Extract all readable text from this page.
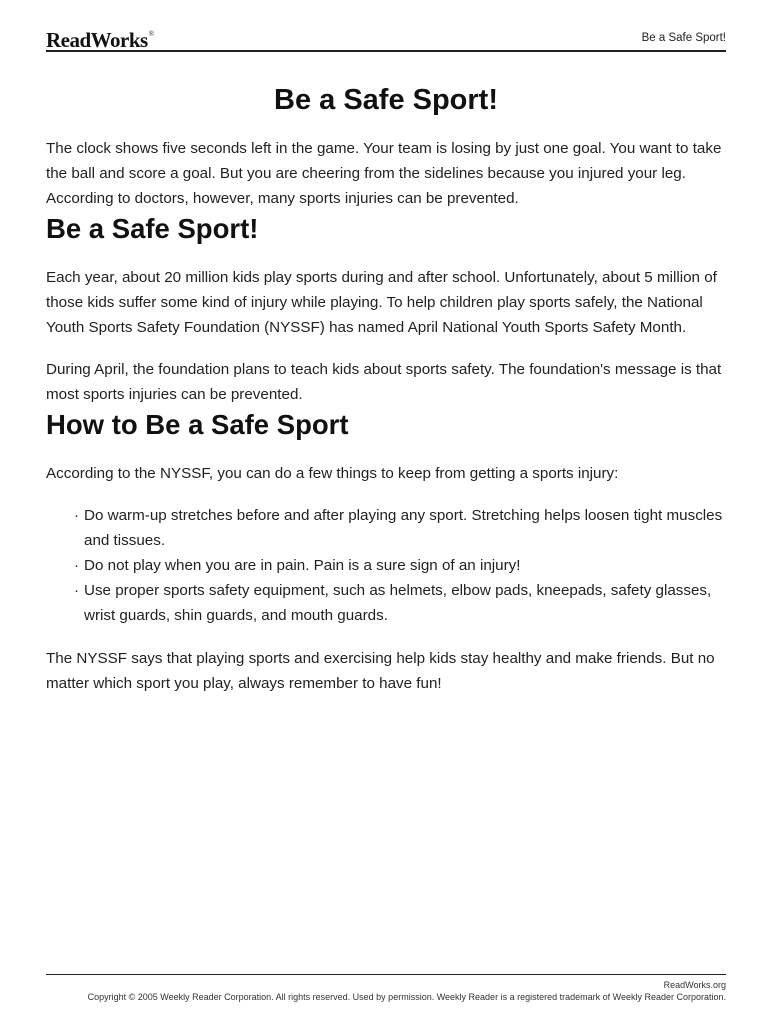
ReadWorks®	Be a Safe Sport!
Be a Safe Sport!

The clock shows five seconds left in the game. Your team is losing by just one goal. You want to take the ball and score a goal. But you are cheering from the sidelines because you injured your leg. According to doctors, however, many sports injuries can be prevented.

Be a Safe Sport!

Each year, about 20 million kids play sports during and after school. Unfortunately, about 5 million of those kids suffer some kind of injury while playing. To help children play sports safely, the National Youth Sports Safety Foundation (NYSSF) has named April National Youth Sports Safety Month.

During April, the foundation plans to teach kids about sports safety. The foundation's message is that most sports injuries can be prevented.

How to Be a Safe Sport

According to the NYSSF, you can do a few things to keep from getting a sports injury:

· Do warm-up stretches before and after playing any sport. Stretching helps loosen tight muscles and tissues.
· Do not play when you are in pain. Pain is a sure sign of an injury!
· Use proper sports safety equipment, such as helmets, elbow pads, kneepads, safety glasses, wrist guards, shin guards, and mouth guards.

The NYSSF says that playing sports and exercising help kids stay healthy and make friends. But no matter which sport you play, always remember to have fun!

ReadWorks.org
Copyright © 2005 Weekly Reader Corporation. All rights reserved. Used by permission. Weekly Reader is a registered trademark of Weekly Reader Corporation.
